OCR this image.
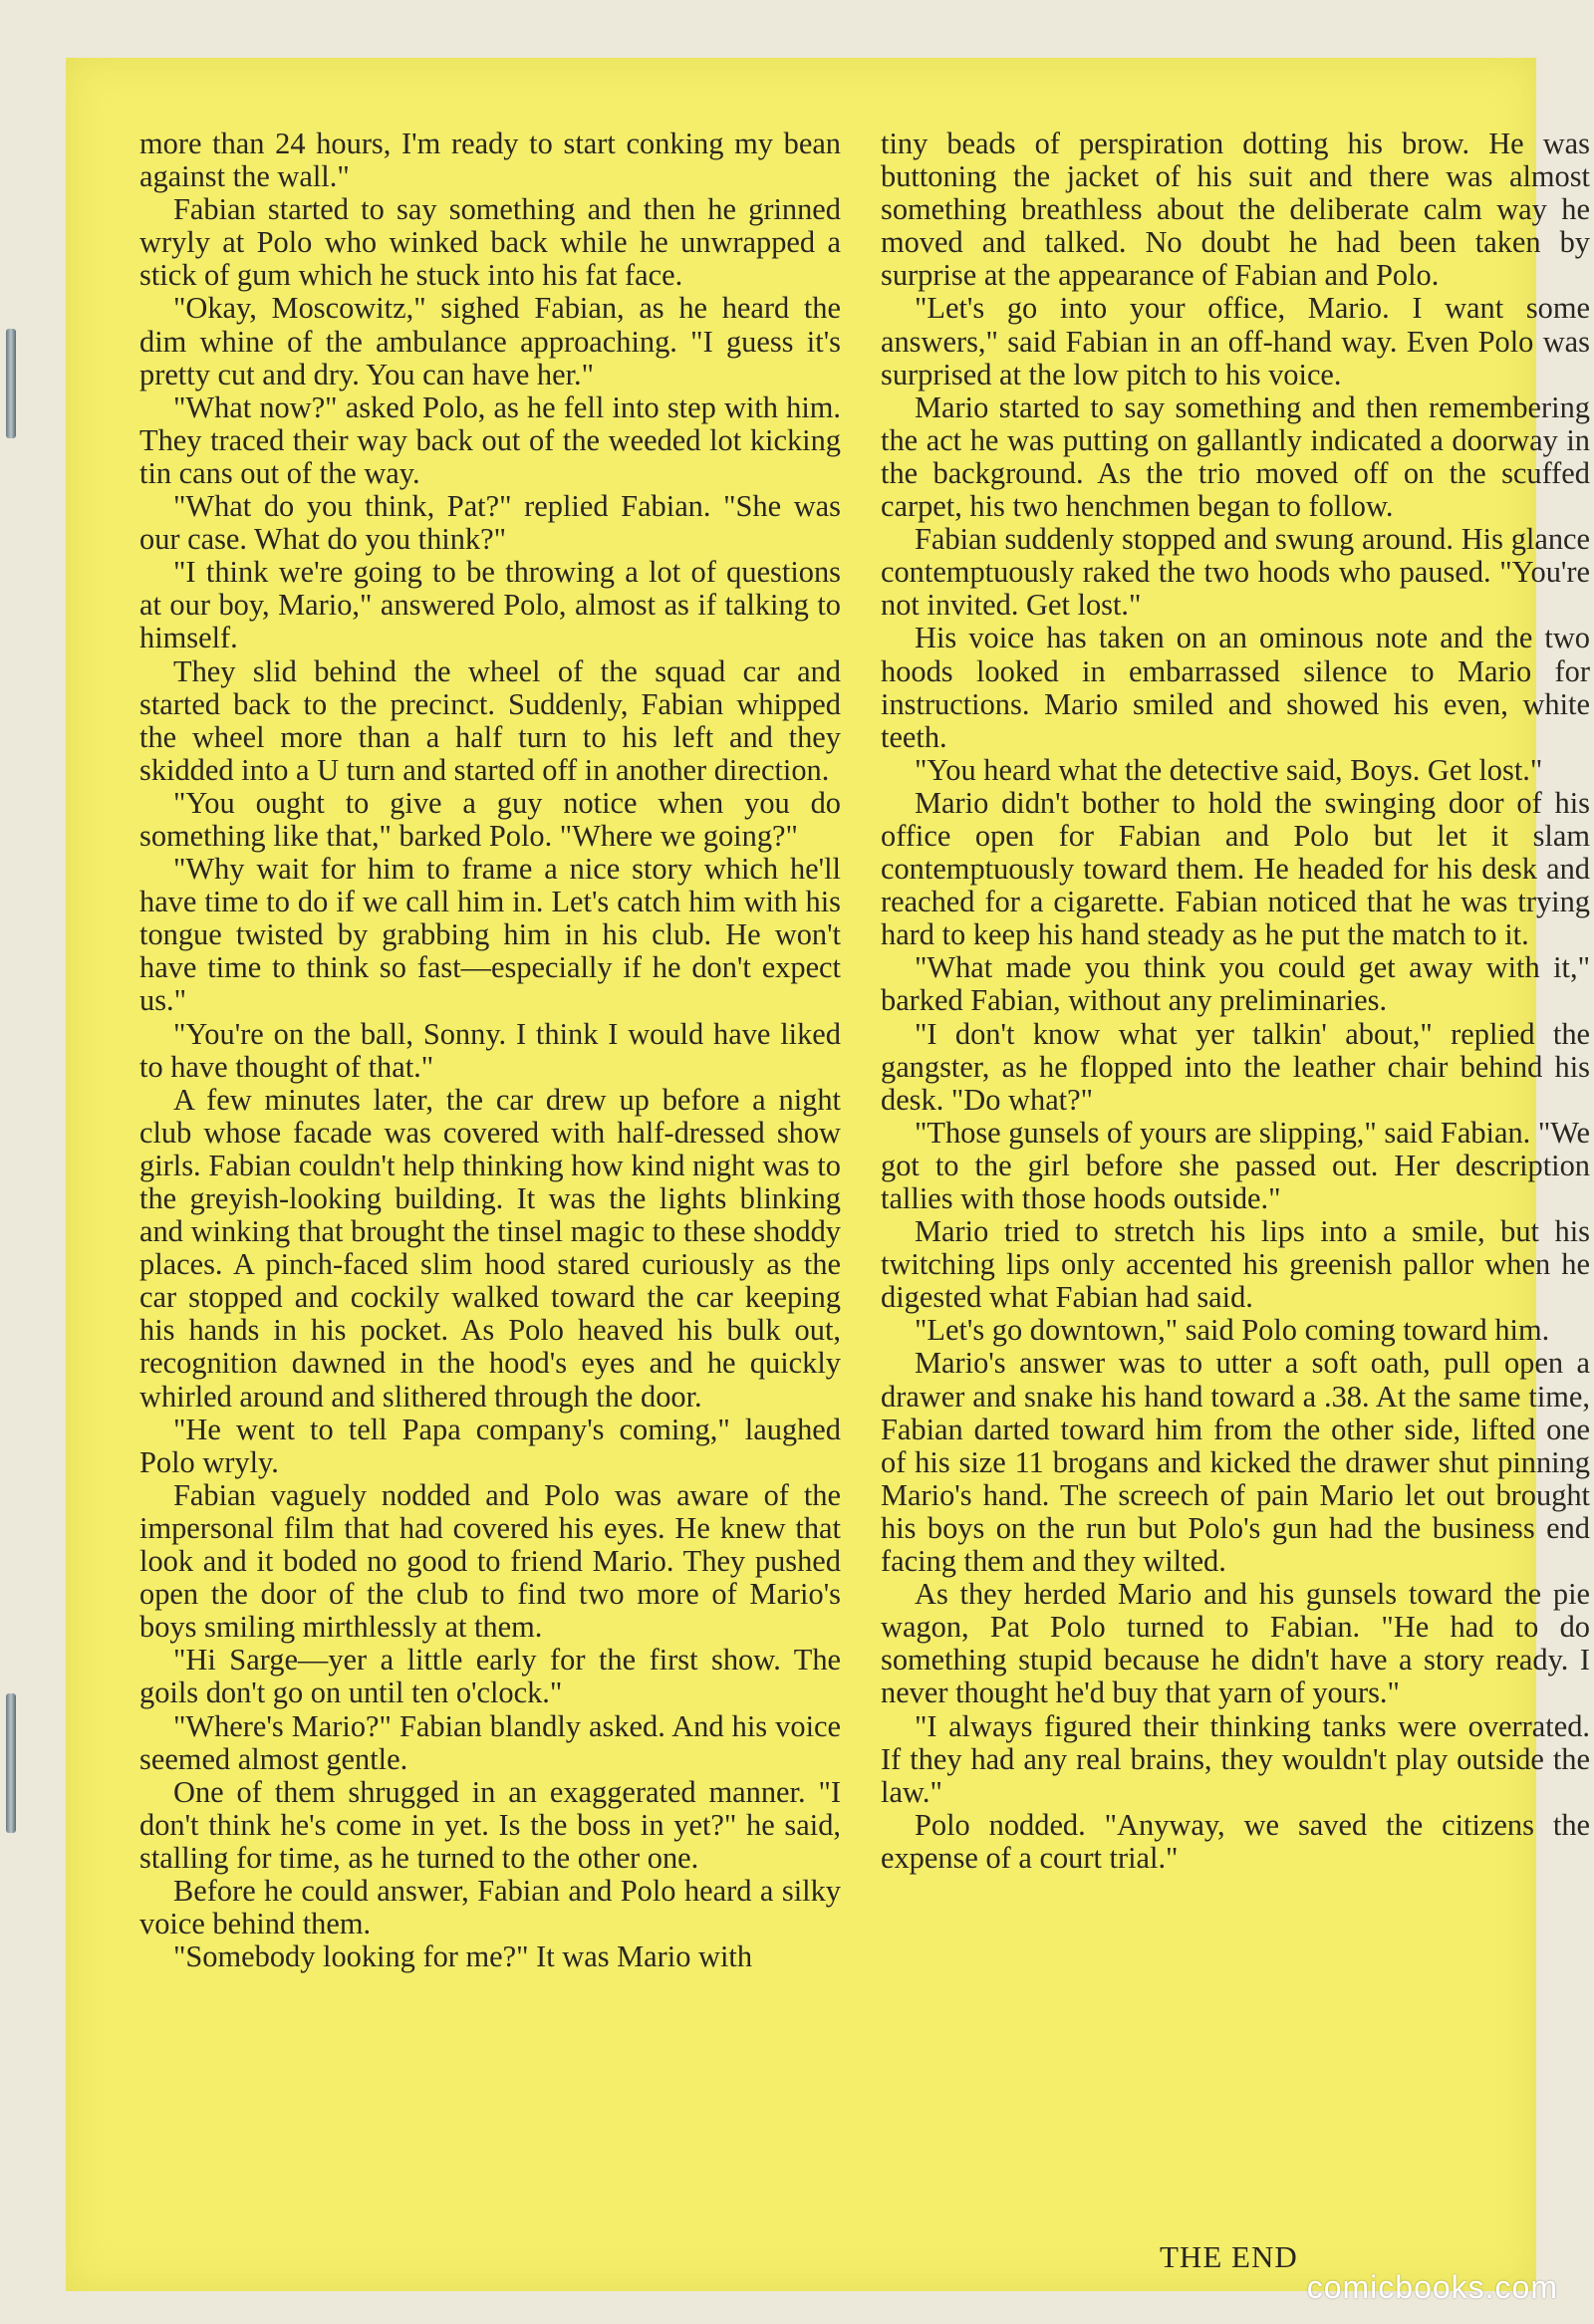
more than 24 hours, I'm ready to start conking my bean against the wall."

Fabian started to say something and then he grinned wryly at Polo who winked back while he unwrapped a stick of gum which he stuck into his fat face.

"Okay, Moscowitz," sighed Fabian, as he heard the dim whine of the ambulance approaching. "I guess it's pretty cut and dry. You can have her."

"What now?" asked Polo, as he fell into step with him. They traced their way back out of the weeded lot kicking tin cans out of the way.

"What do you think, Pat?" replied Fabian. "She was our case. What do you think?"

"I think we're going to be throwing a lot of questions at our boy, Mario," answered Polo, almost as if talking to himself.

They slid behind the wheel of the squad car and started back to the precinct. Suddenly, Fabian whipped the wheel more than a half turn to his left and they skidded into a U turn and started off in another direction.

"You ought to give a guy notice when you do something like that," barked Polo. "Where we going?"

"Why wait for him to frame a nice story which he'll have time to do if we call him in. Let's catch him with his tongue twisted by grabbing him in his club. He won't have time to think so fast—especially if he don't expect us."

"You're on the ball, Sonny. I think I would have liked to have thought of that."

A few minutes later, the car drew up before a night club whose facade was covered with half-dressed show girls. Fabian couldn't help thinking how kind night was to the greyish-looking building. It was the lights blinking and winking that brought the tinsel magic to these shoddy places. A pinch-faced slim hood stared curiously as the car stopped and cockily walked toward the car keeping his hands in his pocket. As Polo heaved his bulk out, recognition dawned in the hood's eyes and he quickly whirled around and slithered through the door.

"He went to tell Papa company's coming," laughed Polo wryly.

Fabian vaguely nodded and Polo was aware of the impersonal film that had covered his eyes. He knew that look and it boded no good to friend Mario. They pushed open the door of the club to find two more of Mario's boys smiling mirthlessly at them.

"Hi Sarge—yer a little early for the first show. The goils don't go on until ten o'clock."

"Where's Mario?" Fabian blandly asked. And his voice seemed almost gentle.

One of them shrugged in an exaggerated manner. "I don't think he's come in yet. Is the boss in yet?" he said, stalling for time, as he turned to the other one.

Before he could answer, Fabian and Polo heard a silky voice behind them.

"Somebody looking for me?" It was Mario with

tiny beads of perspiration dotting his brow. He was buttoning the jacket of his suit and there was almost something breathless about the deliberate calm way he moved and talked. No doubt he had been taken by surprise at the appearance of Fabian and Polo.

"Let's go into your office, Mario. I want some answers," said Fabian in an off-hand way. Even Polo was surprised at the low pitch to his voice.

Mario started to say something and then remembering the act he was putting on gallantly indicated a doorway in the background. As the trio moved off on the scuffed carpet, his two henchmen began to follow.

Fabian suddenly stopped and swung around. His glance contemptuously raked the two hoods who paused. "You're not invited. Get lost."

His voice has taken on an ominous note and the two hoods looked in embarrassed silence to Mario for instructions. Mario smiled and showed his even, white teeth.

"You heard what the detective said, Boys. Get lost."

Mario didn't bother to hold the swinging door of his office open for Fabian and Polo but let it slam contemptuously toward them. He headed for his desk and reached for a cigarette. Fabian noticed that he was trying hard to keep his hand steady as he put the match to it.

"What made you think you could get away with it," barked Fabian, without any preliminaries.

"I don't know what yer talkin' about," replied the gangster, as he flopped into the leather chair behind his desk. "Do what?"

"Those gunsels of yours are slipping," said Fabian. "We got to the girl before she passed out. Her description tallies with those hoods outside."

Mario tried to stretch his lips into a smile, but his twitching lips only accented his greenish pallor when he digested what Fabian had said.

"Let's go downtown," said Polo coming toward him.

Mario's answer was to utter a soft oath, pull open a drawer and snake his hand toward a .38. At the same time, Fabian darted toward him from the other side, lifted one of his size 11 brogans and kicked the drawer shut pinning Mario's hand. The screech of pain Mario let out brought his boys on the run but Polo's gun had the business end facing them and they wilted.

As they herded Mario and his gunsels toward the pie wagon, Pat Polo turned to Fabian. "He had to do something stupid because he didn't have a story ready. I never thought he'd buy that yarn of yours."

"I always figured their thinking tanks were overrated. If they had any real brains, they wouldn't play outside the law."

Polo nodded. "Anyway, we saved the citizens the expense of a court trial."

THE END
comicbooks.com
